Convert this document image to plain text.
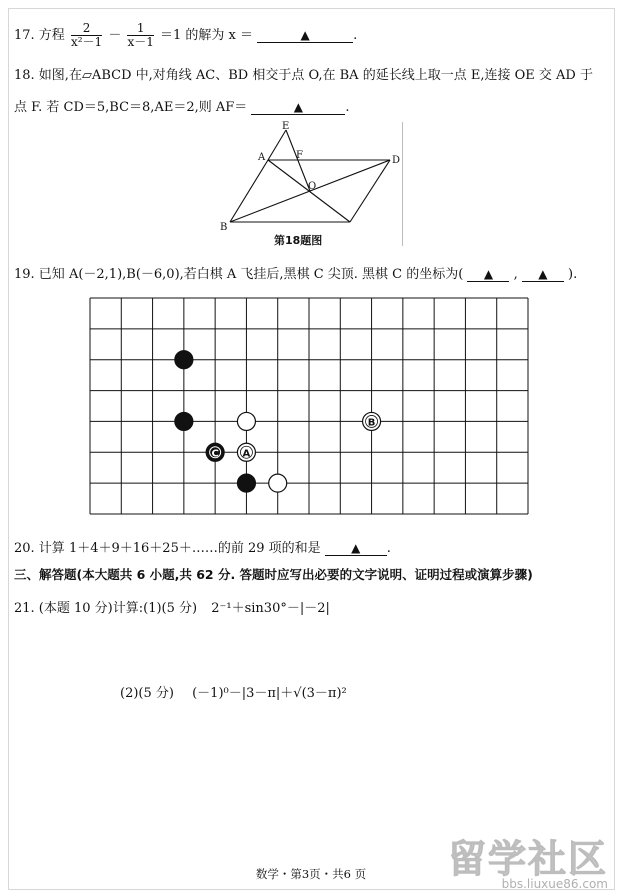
17. 方程 $\frac{2}{\text{x²－1}} - \frac{1}{x-1} =1$ 的解为 x ＝	▲	.
18. 如图,在▱ABCD 中,对角线 AC、BD 相交于点 O,在 BA 的延长线上取一点 E,连接 OE 交 AD 于
点 F. 若 CD＝5,BC＝8,AE＝2,则 AF＝	▲	.
E
A	F	D
O
B
第18题图
19. 已知 A(－2,1),B(－6,0),若白棋 A 飞挂后,黑棋 C 尖顶. 黑棋 C 的坐标为( ▲ , ▲ ).
B
C A
20. 计算 1＋4＋9＋16＋25＋……的前 29 项的和是	▲ .
三、解答题(本大题共 6 小题,共 62 分. 答题时应写出必要的文字说明、证明过程或演算步骤)
21. (本题 10 分)计算:(1)(5 分) 2⁻¹＋sin30°－|－2|
(2)(5 分) (－1)⁰－|3－π|＋√(3－π)²
留学社区
bbs.liuxue86.com
数学・第3页・共6 页
